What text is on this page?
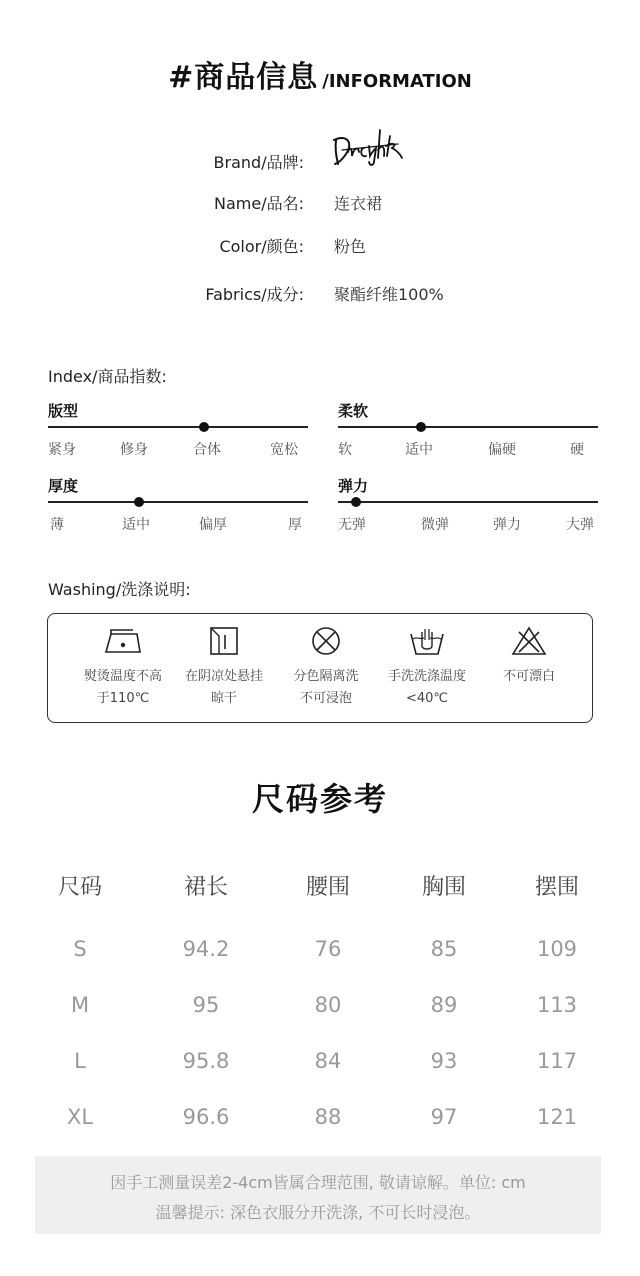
#商品信息 /INFORMATION
Brand/品牌:
Name/品名: 连衣裙
Color/颜色: 粉色
Fabrics/成分: 聚酯纤维100%
Index/商品指数:
版型
紧身	修身	合体	宽松
柔软
软	适中	偏硬	硬
厚度
薄	适中	偏厚	厚
弹力
无弹	微弹	弹力	大弹
Washing/洗涤说明:
熨烫温度不高
于110℃
在阴凉处悬挂
晾干
分色隔离洗
不可浸泡
手洗洗涤温度
<40℃
不可漂白
尺码参考
尺码	裙长	腰围	胸围	摆围
S	94.2	76	85	109
M	95	80	89	113
L	95.8	84	93	117
XL	96.6	88	97	121
因手工测量误差2-4cm皆属合理范围, 敬请谅解。单位: cm
温馨提示: 深色衣服分开洗涤, 不可长时浸泡。
